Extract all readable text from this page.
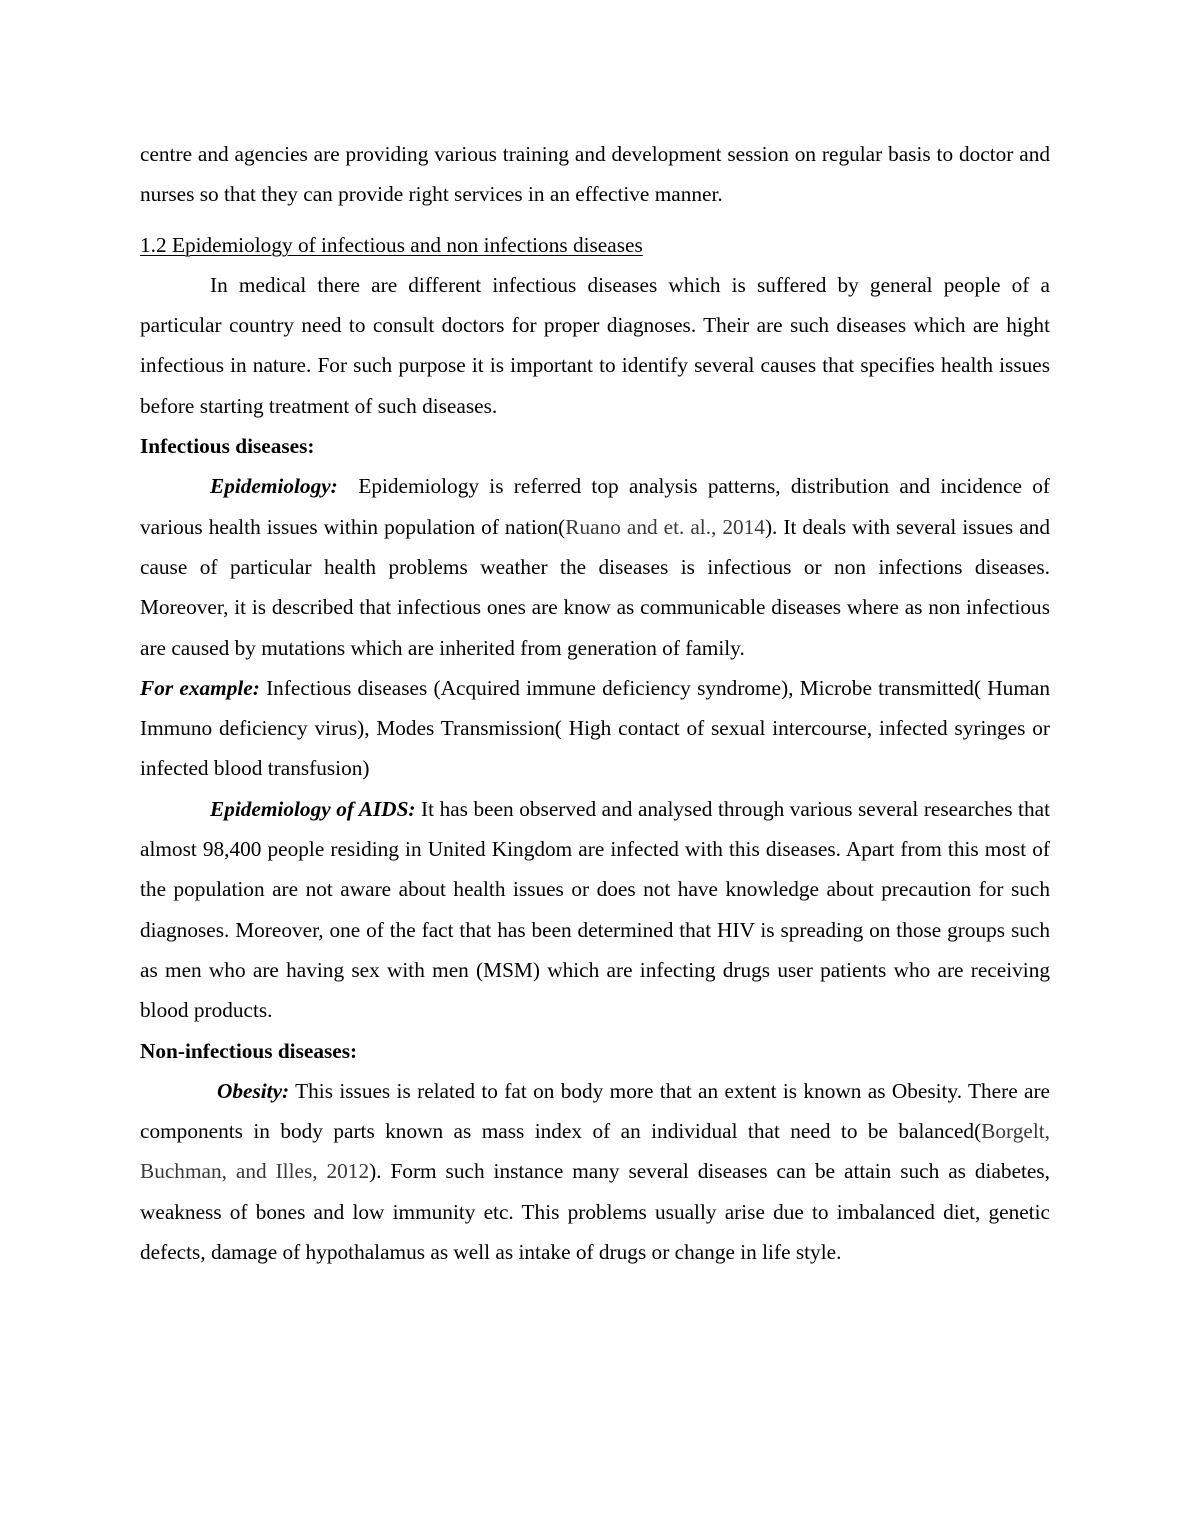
centre and agencies are providing various training and development session on regular basis to doctor and nurses so that they can provide right services in an effective manner.

1.2 Epidemiology of infectious and non infections diseases

In medical there are different infectious diseases which is suffered by general people of a particular country need to consult doctors for proper diagnoses. Their are such diseases which are hight infectious in nature. For such purpose it is important to identify several causes that specifies health issues before starting treatment of such diseases.

Infectious diseases:

Epidemiology:  Epidemiology is referred top analysis patterns, distribution and incidence of various health issues within population of nation(Ruano and et. al., 2014). It deals with several issues and cause of particular health problems weather the diseases is infectious or non infections diseases. Moreover, it is described that infectious ones are know as communicable diseases where as non infectious are caused by mutations which are inherited from generation of family.

For example: Infectious diseases (Acquired immune deficiency syndrome), Microbe transmitted( Human Immuno deficiency virus), Modes Transmission( High contact of sexual intercourse, infected syringes or infected blood transfusion)

Epidemiology of AIDS: It has been observed and analysed through various several researches that almost 98,400 people residing in United Kingdom are infected with this diseases. Apart from this most of the population are not aware about health issues or does not have knowledge about precaution for such diagnoses. Moreover, one of the fact that has been determined that HIV is spreading on those groups such as men who are having sex with men (MSM) which are infecting drugs user patients who are receiving blood products.

Non-infectious diseases:

Obesity: This issues is related to fat on body more that an extent is known as Obesity. There are components in body parts known as mass index of an individual that need to be balanced(Borgelt, Buchman, and Illes, 2012). Form such instance many several diseases can be attain such as diabetes, weakness of bones and low immunity etc. This problems usually arise due to imbalanced diet, genetic defects, damage of hypothalamus as well as intake of drugs or change in life style.
